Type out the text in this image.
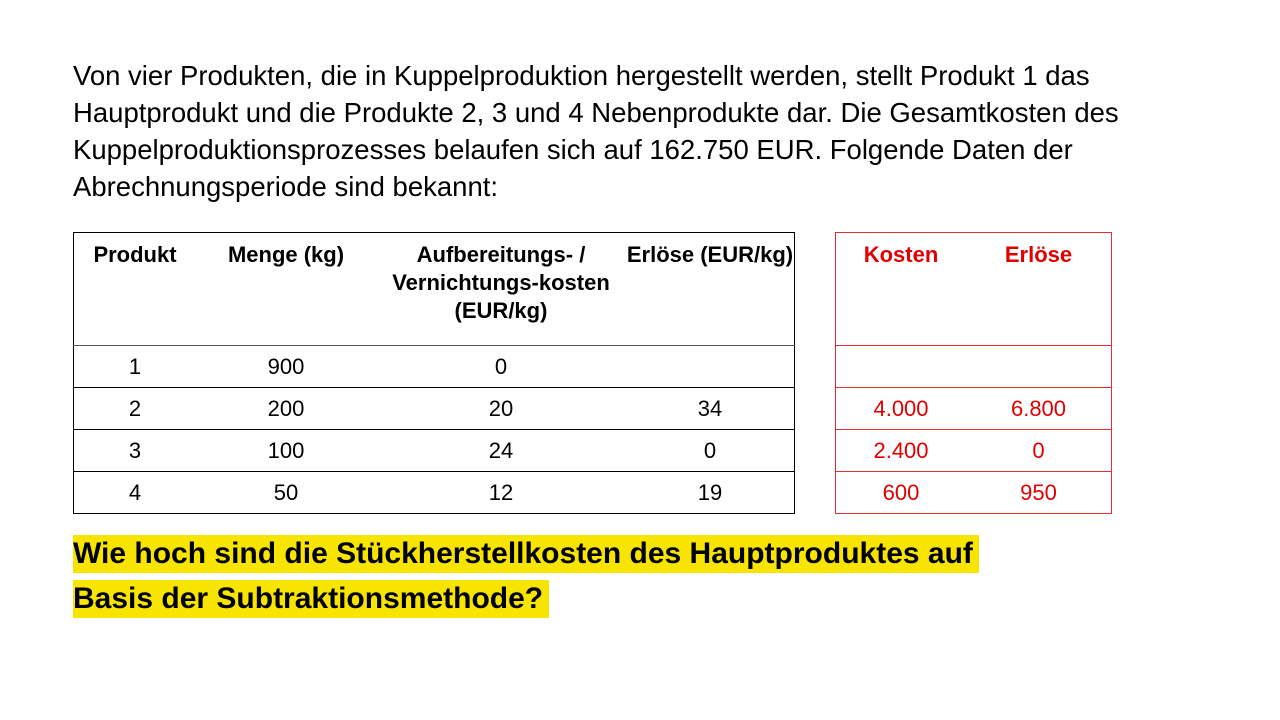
Von vier Produkten, die in Kuppelproduktion hergestellt werden, stellt Produkt 1 das Hauptprodukt und die Produkte 2, 3 und 4 Nebenprodukte dar. Die Gesamtkosten des Kuppelproduktionsprozesses belaufen sich auf 162.750 EUR. Folgende Daten der Abrechnungsperiode sind bekannt:
Produkt	Menge (kg)	Aufbereitungs- / Vernichtungs-kosten (EUR/kg)	Erlöse (EUR/kg)
1	900	0	
2	200	20	34
3	100	24	0
4	50	12	19
Kosten	Erlöse

4.000	6.800
2.400	0
600	950
Wie hoch sind die Stückherstellkosten des Hauptproduktes auf
Basis der Subtraktionsmethode?
